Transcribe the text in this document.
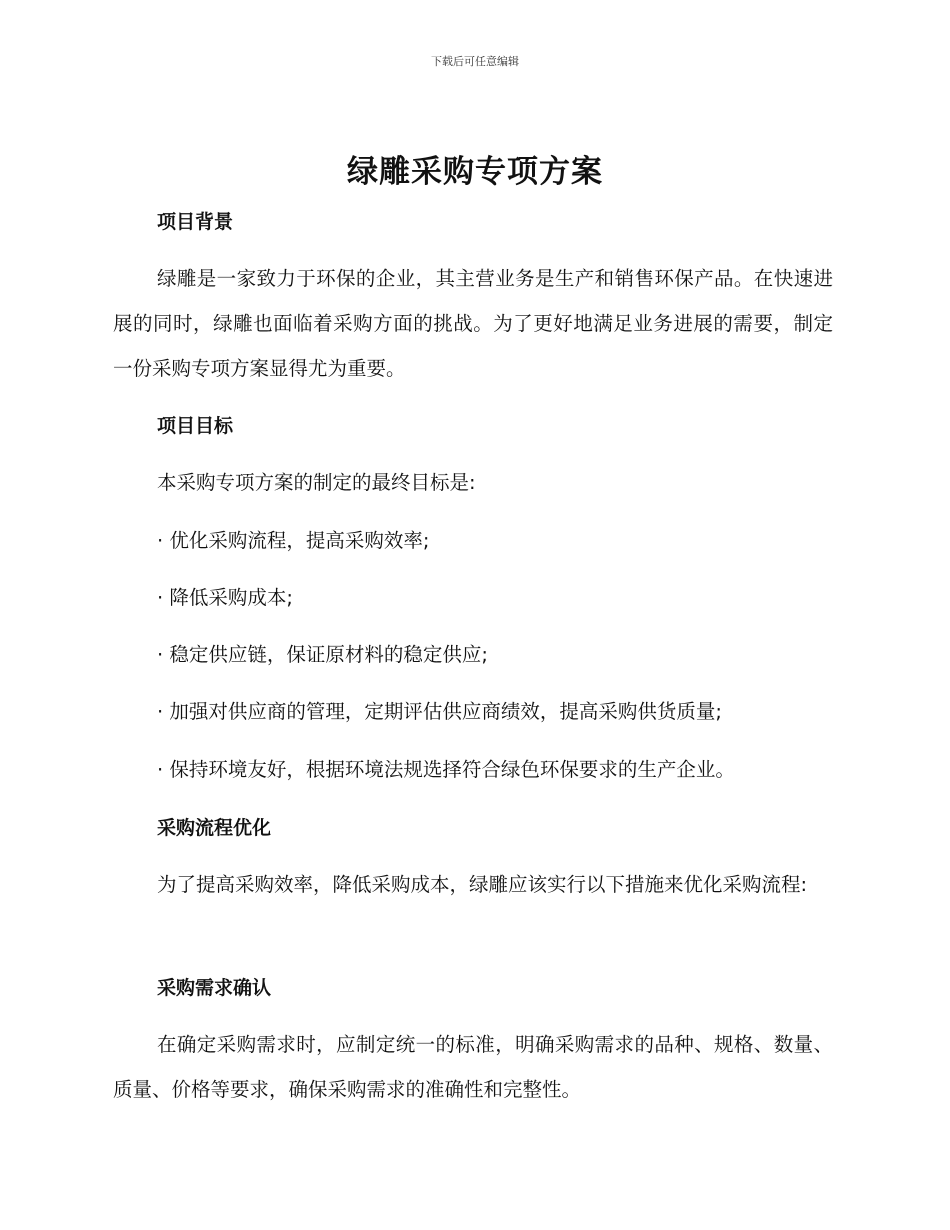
下载后可任意编辑
绿雕采购专项方案
项目背景
绿雕是一家致力于环保的企业，其主营业务是生产和销售环保产品。在快速进展的同时，绿雕也面临着采购方面的挑战。为了更好地满足业务进展的需要，制定一份采购专项方案显得尤为重要。
项目目标
本采购专项方案的制定的最终目标是:
· 优化采购流程，提高采购效率;
· 降低采购成本;
· 稳定供应链，保证原材料的稳定供应;
· 加强对供应商的管理，定期评估供应商绩效，提高采购供货质量;
· 保持环境友好，根据环境法规选择符合绿色环保要求的生产企业。
采购流程优化
为了提高采购效率，降低采购成本，绿雕应该实行以下措施来优化采购流程:
采购需求确认
在确定采购需求时，应制定统一的标准，明确采购需求的品种、规格、数量、质量、价格等要求，确保采购需求的准确性和完整性。
